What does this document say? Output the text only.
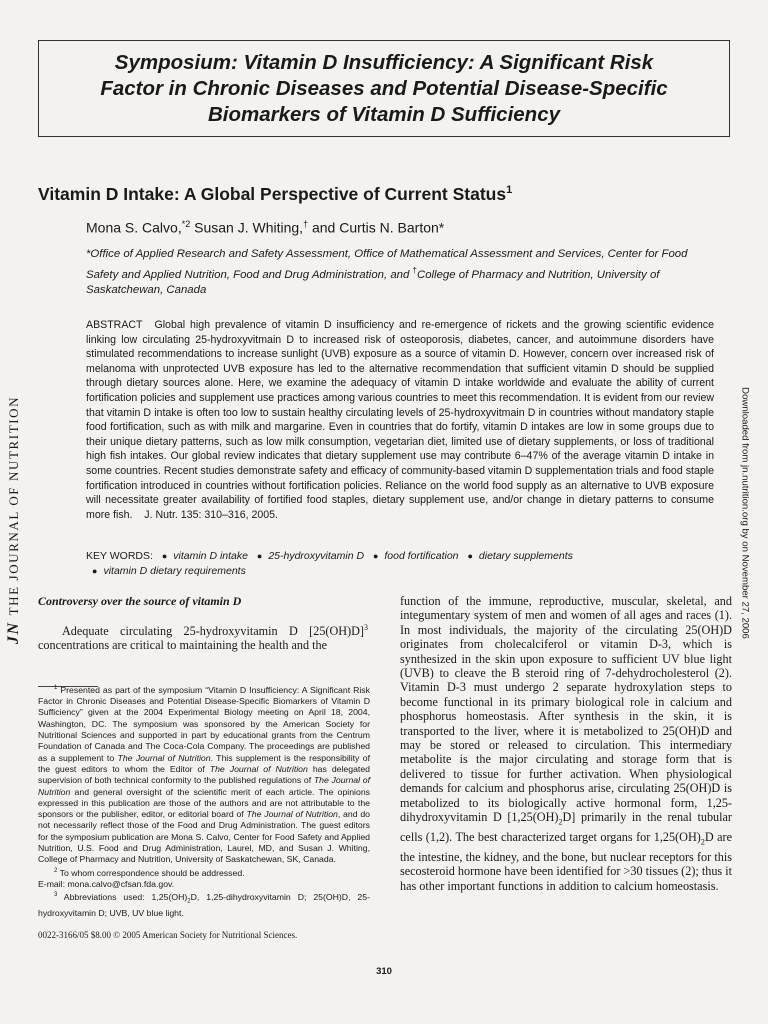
Symposium: Vitamin D Insufficiency: A Significant Risk
Factor in Chronic Diseases and Potential Disease-Specific
Biomarkers of Vitamin D Sufficiency
Vitamin D Intake: A Global Perspective of Current Status$^1$
Mona S. Calvo,$^{*2}$ Susan J. Whiting,† and Curtis N. Barton*
*Office of Applied Research and Safety Assessment, Office of Mathematical Assessment and Services, Center for Food Safety and Applied Nutrition, Food and Drug Administration, and †College of Pharmacy and Nutrition, University of Saskatchewan, Canada
ABSTRACT Global high prevalence of vitamin D insufficiency and re-emergence of rickets and the growing scientific evidence linking low circulating 25-hydroxyvitmain D to increased risk of osteoporosis, diabetes, cancer, and autoimmune disorders have stimulated recommendations to increase sunlight (UVB) exposure as a source of vitamin D. However, concern over increased risk of melanoma with unprotected UVB exposure has led to the alternative recommendation that sufficient vitamin D should be supplied through dietary sources alone. Here, we examine the adequacy of vitamin D intake worldwide and evaluate the ability of current fortification policies and supplement use practices among various countries to meet this recommendation. It is evident from our review that vitamin D intake is often too low to sustain healthy circulating levels of 25-hydroxyvitmain D in countries without mandatory staple food fortification, such as with milk and margarine. Even in countries that do fortify, vitamin D intakes are low in some groups due to their unique dietary patterns, such as low milk consumption, vegetarian diet, limited use of dietary supplements, or loss of traditional high fish intakes. Our global review indicates that dietary supplement use may contribute 6–47% of the average vitamin D intake in some countries. Recent studies demonstrate safety and efficacy of community-based vitamin D supplementation trials and food staple fortification introduced in countries without fortification policies. Reliance on the world food supply as an alternative to UVB exposure will necessitate greater availability of fortified food staples, dietary supplement use, and/or change in dietary patterns to consume more fish. J. Nutr. 135: 310–316, 2005.
KEY WORDS: ● vitamin D intake ● 25-hydroxyvitamin D ● food fortification ● dietary supplements
● vitamin D dietary requirements
JNTHE JOURNAL OF NUTRITION	Downloaded from jn.nutrition.org by on November 27, 2006
Controversy over the source of vitamin D

Adequate circulating 25-hydroxyvitamin D $[25(OH)D]^3$ concentrations are critical to maintaining the health and the

$^1$ Presented as part of the symposium “Vitamin D Insufficiency: A Significant Risk Factor in Chronic Diseases and Potential Disease-Specific Biomarkers of Vitamin D Sufficiency” given at the 2004 Experimental Biology meeting on April 18, 2004, Washington, DC. The symposium was sponsored by the American Society for Nutritional Sciences and supported in part by educational grants from the Centrum Foundation of Canada and The Coca-Cola Company. The proceedings are published as a supplement to The Journal of Nutrition. This supplement is the responsibility of the guest editors to whom the Editor of The Journal of Nutrition has delegated supervision of both technical conformity to the published regulations of The Journal of Nutrition and general oversight of the scientific merit of each article. The opinions expressed in this publication are those of the authors and are not attributable to the sponsors or the publisher, editor, or editorial board of The Journal of Nutrition, and do not necessarily reflect those of the Food and Drug Administration. The guest editors for the symposium publication are Mona S. Calvo, Center for Food Safety and Applied Nutrition, U.S. Food and Drug Administration, Laurel, MD, and Susan J. Whiting, College of Pharmacy and Nutrition, University of Saskatchewan, SK, Canada.

$^2$ To whom correspondence should be addressed.

E-mail: mona.calvo@cfsan.fda.gov.

$^3$ Abbreviations used: $1,25(OH)_2D$, 1,25-dihydroxyvitamin D; 25(OH)D, 25-hydroxyvitamin D; UVB, UV blue light.

function of the immune, reproductive, muscular, skeletal, and integumentary system of men and women of all ages and races (1). In most individuals, the majority of the circulating 25(OH)D originates from cholecalciferol or vitamin D-3, which is synthesized in the skin upon exposure to sufficient UV blue light (UVB) to cleave the B steroid ring of 7-dehydrocholesterol (2). Vitamin D-3 must undergo 2 separate hydroxylation steps to become functional in its primary biological role in calcium and phosphorus homeostasis. After synthesis in the skin, it is transported to the liver, where it is metabolized to 25(OH)D and may be stored or released to circulation. This intermediary metabolite is the major circulating and storage form that is delivered to tissue for further activation. When physiological demands for calcium and phosphorus arise, circulating 25(OH)D is metabolized to its biologically active hormonal form, 1,25-dihydroxyvitamin D $[1,25(OH)_2D]$ primarily in the renal tubular cells (1,2). The best characterized target organs for $1,25(OH)_2D$ are the intestine, the kidney, and the bone, but nuclear receptors for this secosteroid hormone have been identified for >30 tissues (2); thus it has other important functions in addition to calcium homeostasis.

0022-3166/05 $8.00 © 2005 American Society for Nutritional Sciences.
310
